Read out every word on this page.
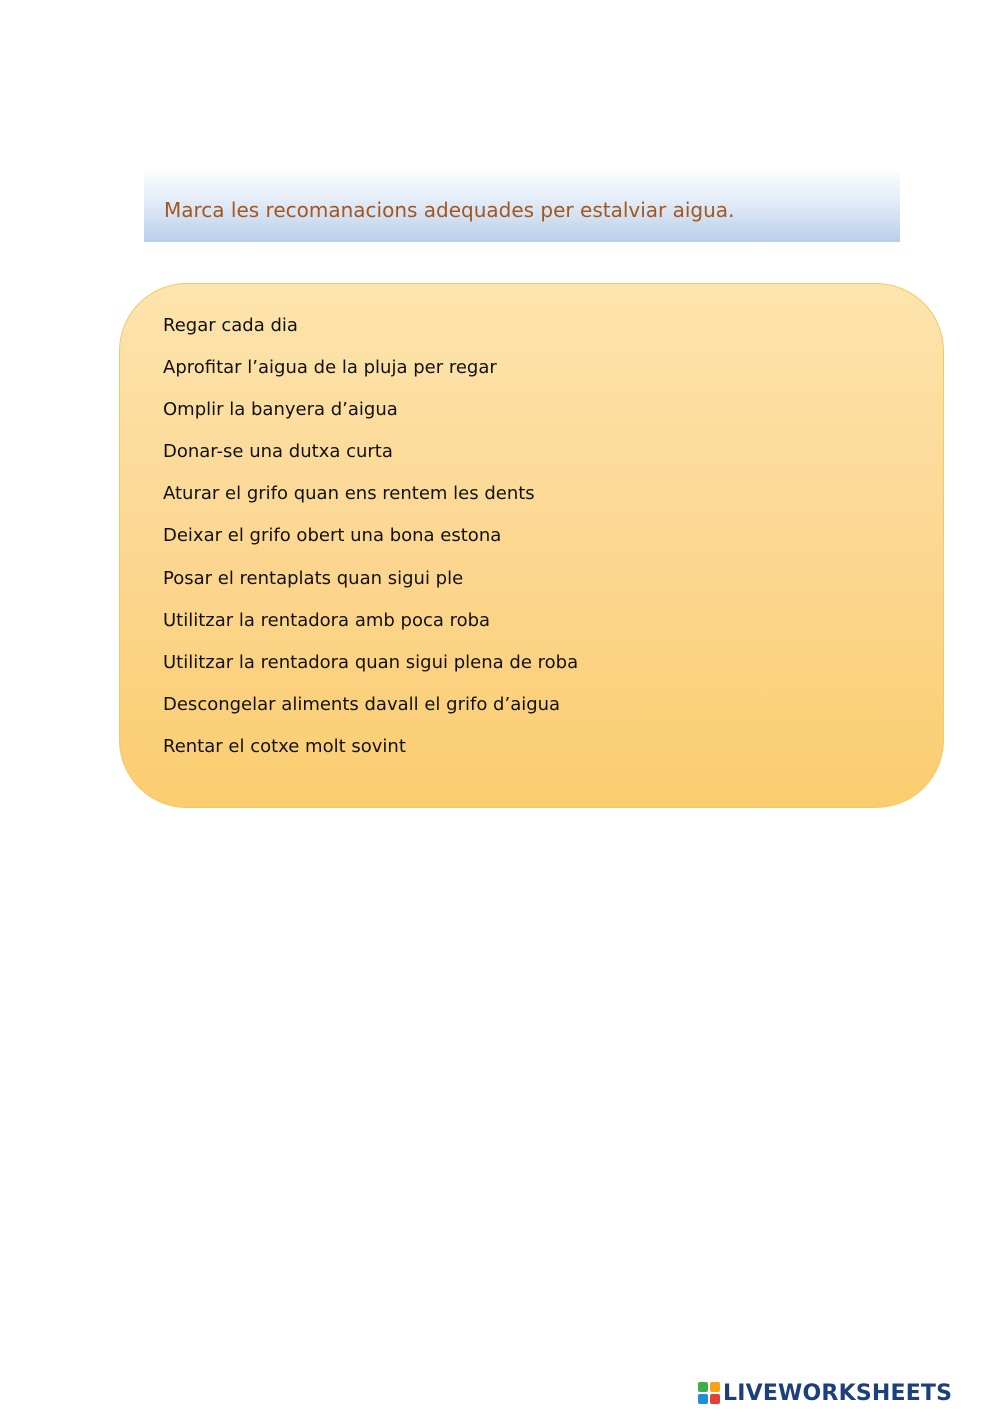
Marca les recomanacions adequades per estalviar aigua.
Regar cada dia
Aprofitar l’aigua de la pluja per regar
Omplir la banyera d’aigua
Donar-se una dutxa curta
Aturar el grifo quan ens rentem les dents
Deixar el grifo obert una bona estona
Posar el rentaplats quan sigui ple
Utilitzar la rentadora amb poca roba
Utilitzar la rentadora quan sigui plena de roba
Descongelar aliments davall el grifo d’aigua
Rentar el cotxe molt sovint
LIVEWORKSHEETS
